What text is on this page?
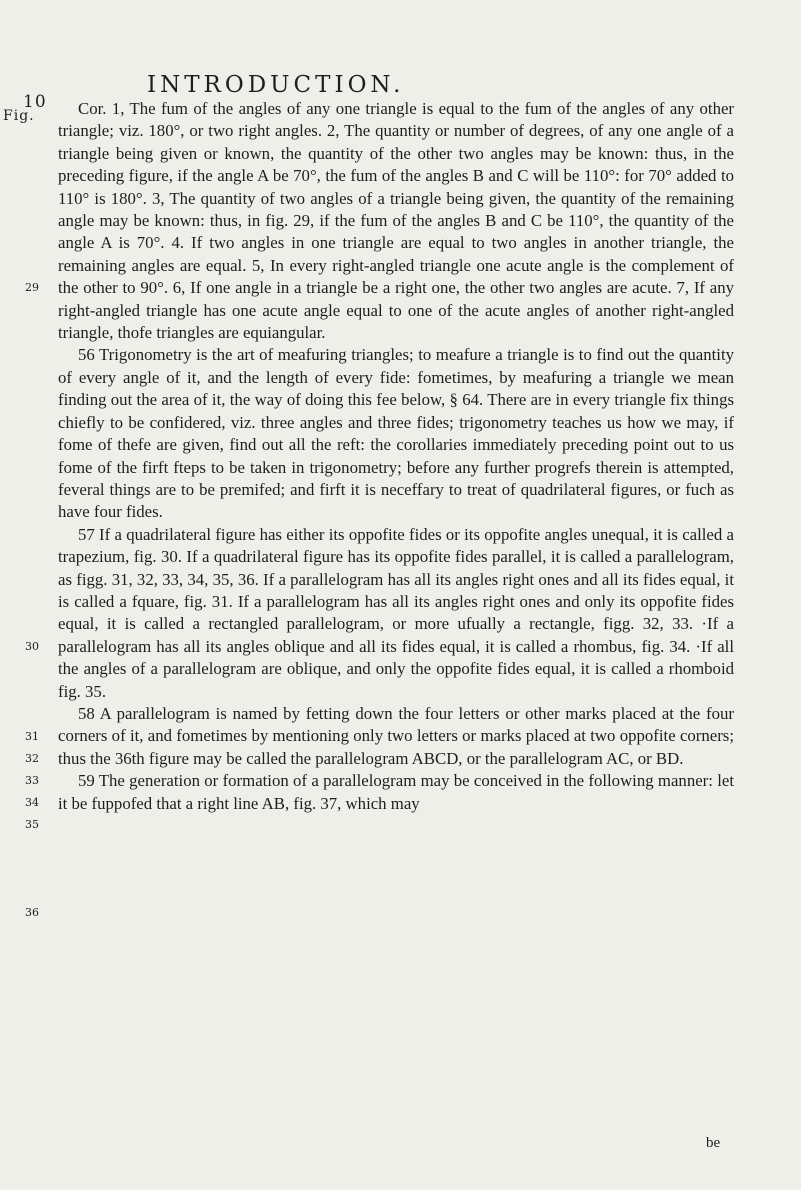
10
INTRODUCTION.
Fig.
29
30
31
32
33
34
35
36

Cor. 1, The fum of the angles of any one triangle is equal to the fum of the angles of any other triangle; viz. 180°, or two right angles. 2, The quantity or number of degrees, of any one angle of a triangle being given or known, the quantity of the other two angles may be known: thus, in the preceding figure, if the angle A be 70°, the fum of the angles B and C will be 110°: for 70° added to 110° is 180°. 3, The quantity of two angles of a triangle being given, the quantity of the remaining angle may be known: thus, in fig. 29, if the fum of the angles B and C be 110°, the quantity of the angle A is 70°. 4. If two angles in one triangle are equal to two angles in another triangle, the remaining angles are equal. 5, In every right-angled triangle one acute angle is the complement of the other to 90°. 6, If one angle in a triangle be a right one, the other two angles are acute. 7, If any right-angled triangle has one acute angle equal to one of the acute angles of another right-angled triangle, thofe triangles are equiangular.

56 Trigonometry is the art of meafuring triangles; to meafure a triangle is to find out the quantity of every angle of it, and the length of every fide: fometimes, by meafuring a triangle we mean finding out the area of it, the way of doing this fee below, § 64. There are in every triangle fix things chiefly to be confidered, viz. three angles and three fides; trigonometry teaches us how we may, if fome of thefe are given, find out all the reft: the corollaries immediately preceding point out to us fome of the firft fteps to be taken in trigonometry; before any further progrefs therein is attempted, feveral things are to be premifed; and firft it is neceffary to treat of quadrilateral figures, or fuch as have four fides.

57 If a quadrilateral figure has either its oppofite fides or its oppofite angles unequal, it is called a trapezium, fig. 30. If a quadrilateral figure has its oppofite fides parallel, it is called a parallelogram, as figg. 31, 32, 33, 34, 35, 36. If a parallelogram has all its angles right ones and all its fides equal, it is called a fquare, fig. 31. If a parallelogram has all its angles right ones and only its oppofite fides equal, it is called a rectangled parallelogram, or more ufually a rectangle, figg. 32, 33. ·If a parallelogram has all its angles oblique and all its fides equal, it is called a rhombus, fig. 34. ·If all the angles of a parallelogram are oblique, and only the oppofite fides equal, it is called a rhomboid fig. 35.

58 A parallelogram is named by fetting down the four letters or other marks placed at the four corners of it, and fometimes by mentioning only two letters or marks placed at two oppofite corners; thus the 36th figure may be called the parallelogram ABCD, or the parallelogram AC, or BD.

59 The generation or formation of a parallelogram may be conceived in the following manner: let it be fuppofed that a right line AB, fig. 37, which may

be
